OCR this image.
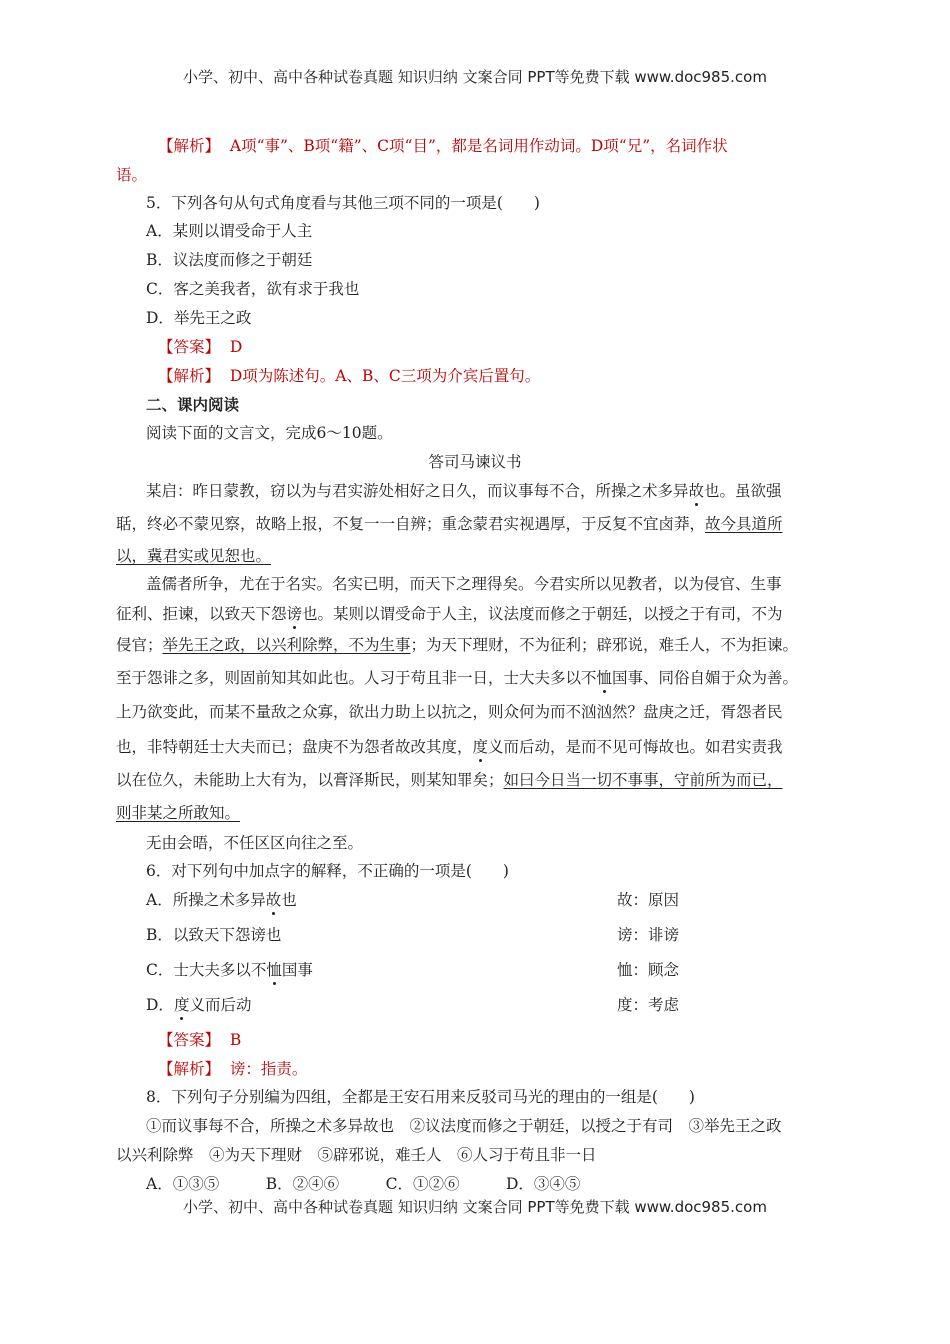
小学、初中、高中各种试卷真题 知识归纳 文案合同 PPT等免费下载 www.doc985.com
【解析】 A项“事”、B项“籍”、C项“目”，都是名词用作动词。D项“兄”，名词作状
语。
5．下列各句从句式角度看与其他三项不同的一项是(　　)
A．某则以谓受命于人主
B．议法度而修之于朝廷
C．客之美我者，欲有求于我也
D．举先王之政
【答案】 D
【解析】 D项为陈述句。A、B、C三项为介宾后置句。
二、课内阅读
阅读下面的文言文，完成6～10题。
答司马谏议书
某启：昨日蒙教，窃以为与君实游处相好之日久，而议事每不合，所操之术多异故也。虽欲强
聒，终必不蒙见察，故略上报，不复一一自辨；重念蒙君实视遇厚，于反复不宜卤莽，故今具道所
以，冀君实或见恕也。
盖儒者所争，尤在于名实。名实已明，而天下之理得矣。今君实所以见教者，以为侵官、生事
征利、拒谏，以致天下怨谤也。某则以谓受命于人主，议法度而修之于朝廷，以授之于有司，不为
侵官；举先王之政，以兴利除弊，不为生事；为天下理财，不为征利；辟邪说，难壬人，不为拒谏。
至于怨诽之多，则固前知其如此也。人习于苟且非一日，士大夫多以不恤国事、同俗自媚于众为善。
上乃欲变此，而某不量敌之众寡，欲出力助上以抗之，则众何为而不汹汹然？盘庚之迁，胥怨者民
也，非特朝廷士大夫而已；盘庚不为怨者故改其度，度义而后动，是而不见可悔故也。如君实责我
以在位久，未能助上大有为，以膏泽斯民，则某知罪矣；如曰今日当一切不事事，守前所为而已，
则非某之所敢知。
无由会晤，不任区区向往之至。
6．对下列句中加点字的解释，不正确的一项是(　　)
A．所操之术多异故也	故：原因
B．以致天下怨谤也	谤：诽谤
C．士大夫多以不恤国事	恤：顾念
D．度义而后动	度：考虑
【答案】 B
【解析】 谤：指责。
8．下列句子分别编为四组，全都是王安石用来反驳司马光的理由的一组是(　　)
①而议事每不合，所操之术多异故也　②议法度而修之于朝廷，以授之于有司　③举先王之政
以兴利除弊　④为天下理财　⑤辟邪说，难壬人　⑥人习于苟且非一日
A．①③⑤　　　B．②④⑥　　　C．①②⑥　　　D．③④⑤
小学、初中、高中各种试卷真题 知识归纳 文案合同 PPT等免费下载 www.doc985.com
